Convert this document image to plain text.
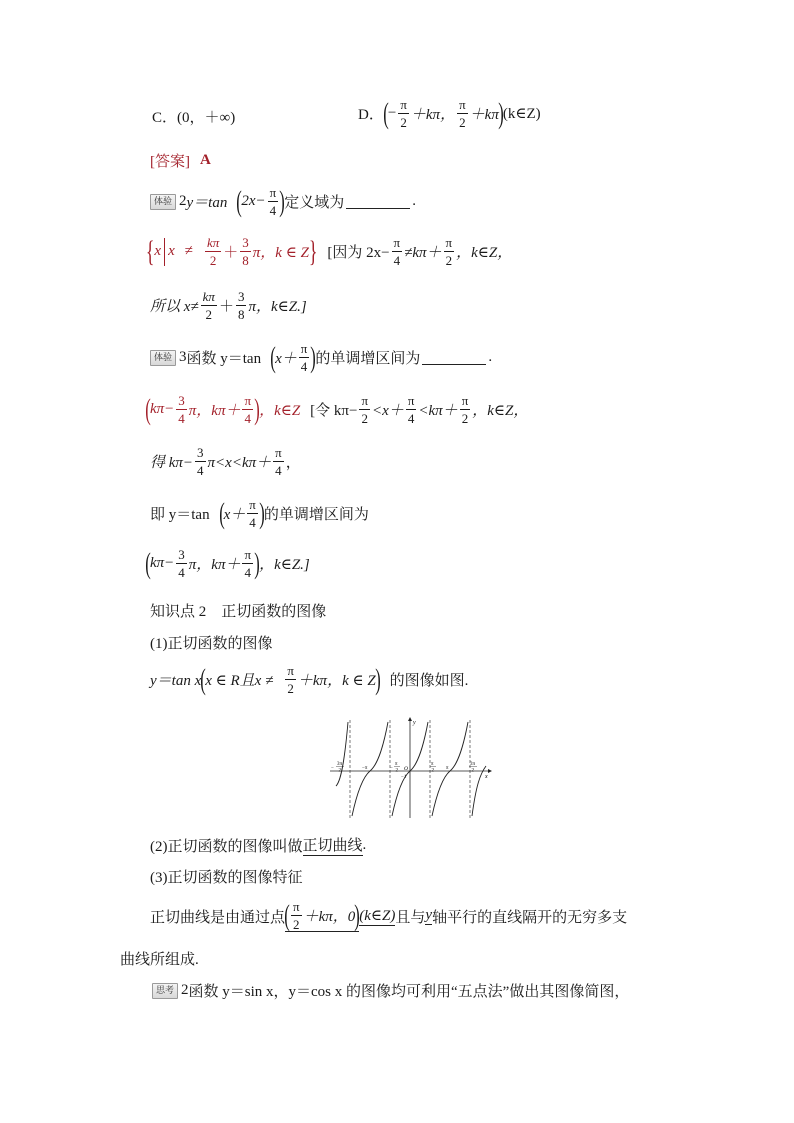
C．(0，＋∞)	D． ( − $\frac{\pi}{2} +k\pi$， $\frac{\pi}{2} +k\pi$ ) (k∈Z)
[答案] A
体验 2 y＝tan ( $2x- \frac{\pi}{4}$ ) 定义域为	.
{ x $x \ne \frac{k\pi}{2} + \frac{3}{8}$ π，k ∈ Z } [因为 $2x- \frac{\pi}{4} \ne k\pi+ \frac{\pi}{2}$ ，k∈Z，
所以 $x\ne \frac{k\pi}{2} + \frac{3}{8}$ π，k∈Z.]
体验 3 函数 y＝tan ( $x+ \frac{\pi}{4}$ ) 的单调增区间为	.
( $k\pi- \frac{3}{4}$ π，$k\pi+ \frac{\pi}{4}$ ) ，k∈Z [令 $k\pi- \frac{\pi}{2} <x+ \frac{\pi}{4} <k\pi+ \frac{\pi}{2}$ ，k∈Z，
得 $k\pi- \frac{3}{4} \pi<x<k\pi+ \frac{\pi}{4}$ ，
即 y＝tan ( $x+ \frac{\pi}{4}$ ) 的单调增区间为
( $k\pi- \frac{3}{4}$ π，$k\pi+ \frac{\pi}{4}$ ) ，k∈Z.]
知识点 2　正切函数的图像
(1)正切函数的图像
y＝tan x ( x ∈ R且$x \ne \frac{\pi}{2} +k\pi$，k ∈ Z ) 的图像如图.
x
y
−
3π
2	−π	−
π
2 O
−1
π
2 π
3π
2
(2)正切函数的图像叫做 正切曲线 .
(3)正切函数的图像特征
正切曲线是由通过点 ( $\frac{\pi}{2} +k\pi$，0 ) (k∈Z) 且与 y 轴 平行的直线隔开的无穷多支
曲线所组成.
思考 2 函数 y＝sin x，y＝cos x 的图像均可利用“五点法”做出其图像简图，
